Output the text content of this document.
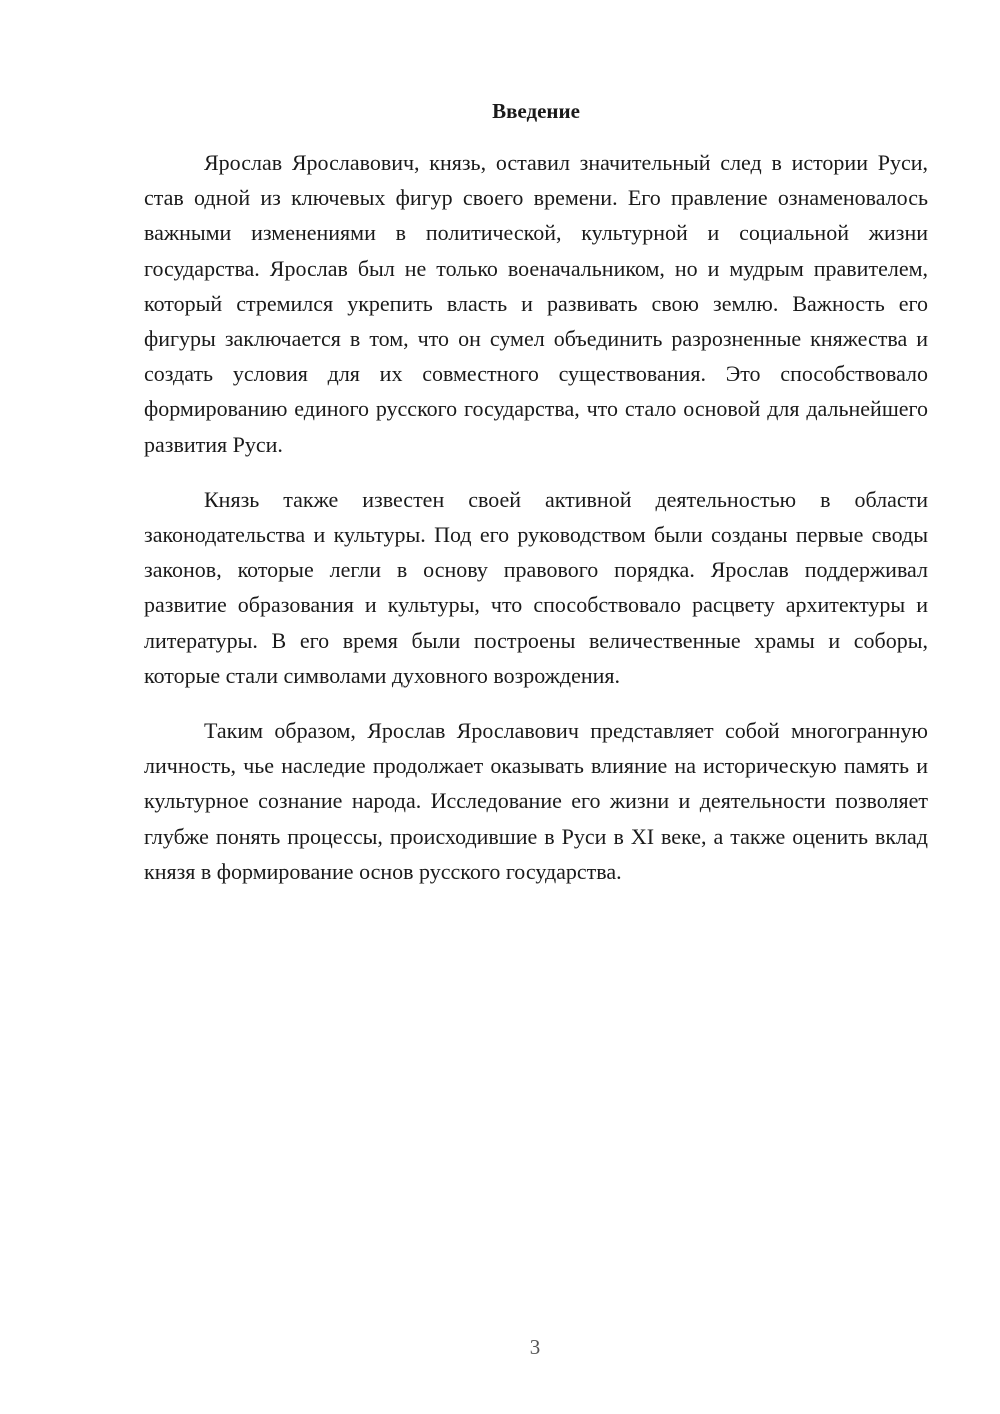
Введение

Ярослав Ярославович, князь, оставил значительный след в истории Руси, став одной из ключевых фигур своего времени. Его правление ознаменовалось важными изменениями в политической, культурной и социальной жизни государства. Ярослав был не только военачальником, но и мудрым правителем, который стремился укрепить власть и развивать свою землю. Важность его фигуры заключается в том, что он сумел объединить разрозненные княжества и создать условия для их совместного существования. Это способствовало формированию единого русского государства, что стало основой для дальнейшего развития Руси.

Князь также известен своей активной деятельностью в области законодательства и культуры. Под его руководством были созданы первые своды законов, которые легли в основу правового порядка. Ярослав поддерживал развитие образования и культуры, что способствовало расцвету архитектуры и литературы. В его время были построены величественные храмы и соборы, которые стали символами духовного возрождения.

Таким образом, Ярослав Ярославович представляет собой многогранную личность, чье наследие продолжает оказывать влияние на историческую память и культурное сознание народа. Исследование его жизни и деятельности позволяет глубже понять процессы, происходившие в Руси в XI веке, а также оценить вклад князя в формирование основ русского государства.

3
